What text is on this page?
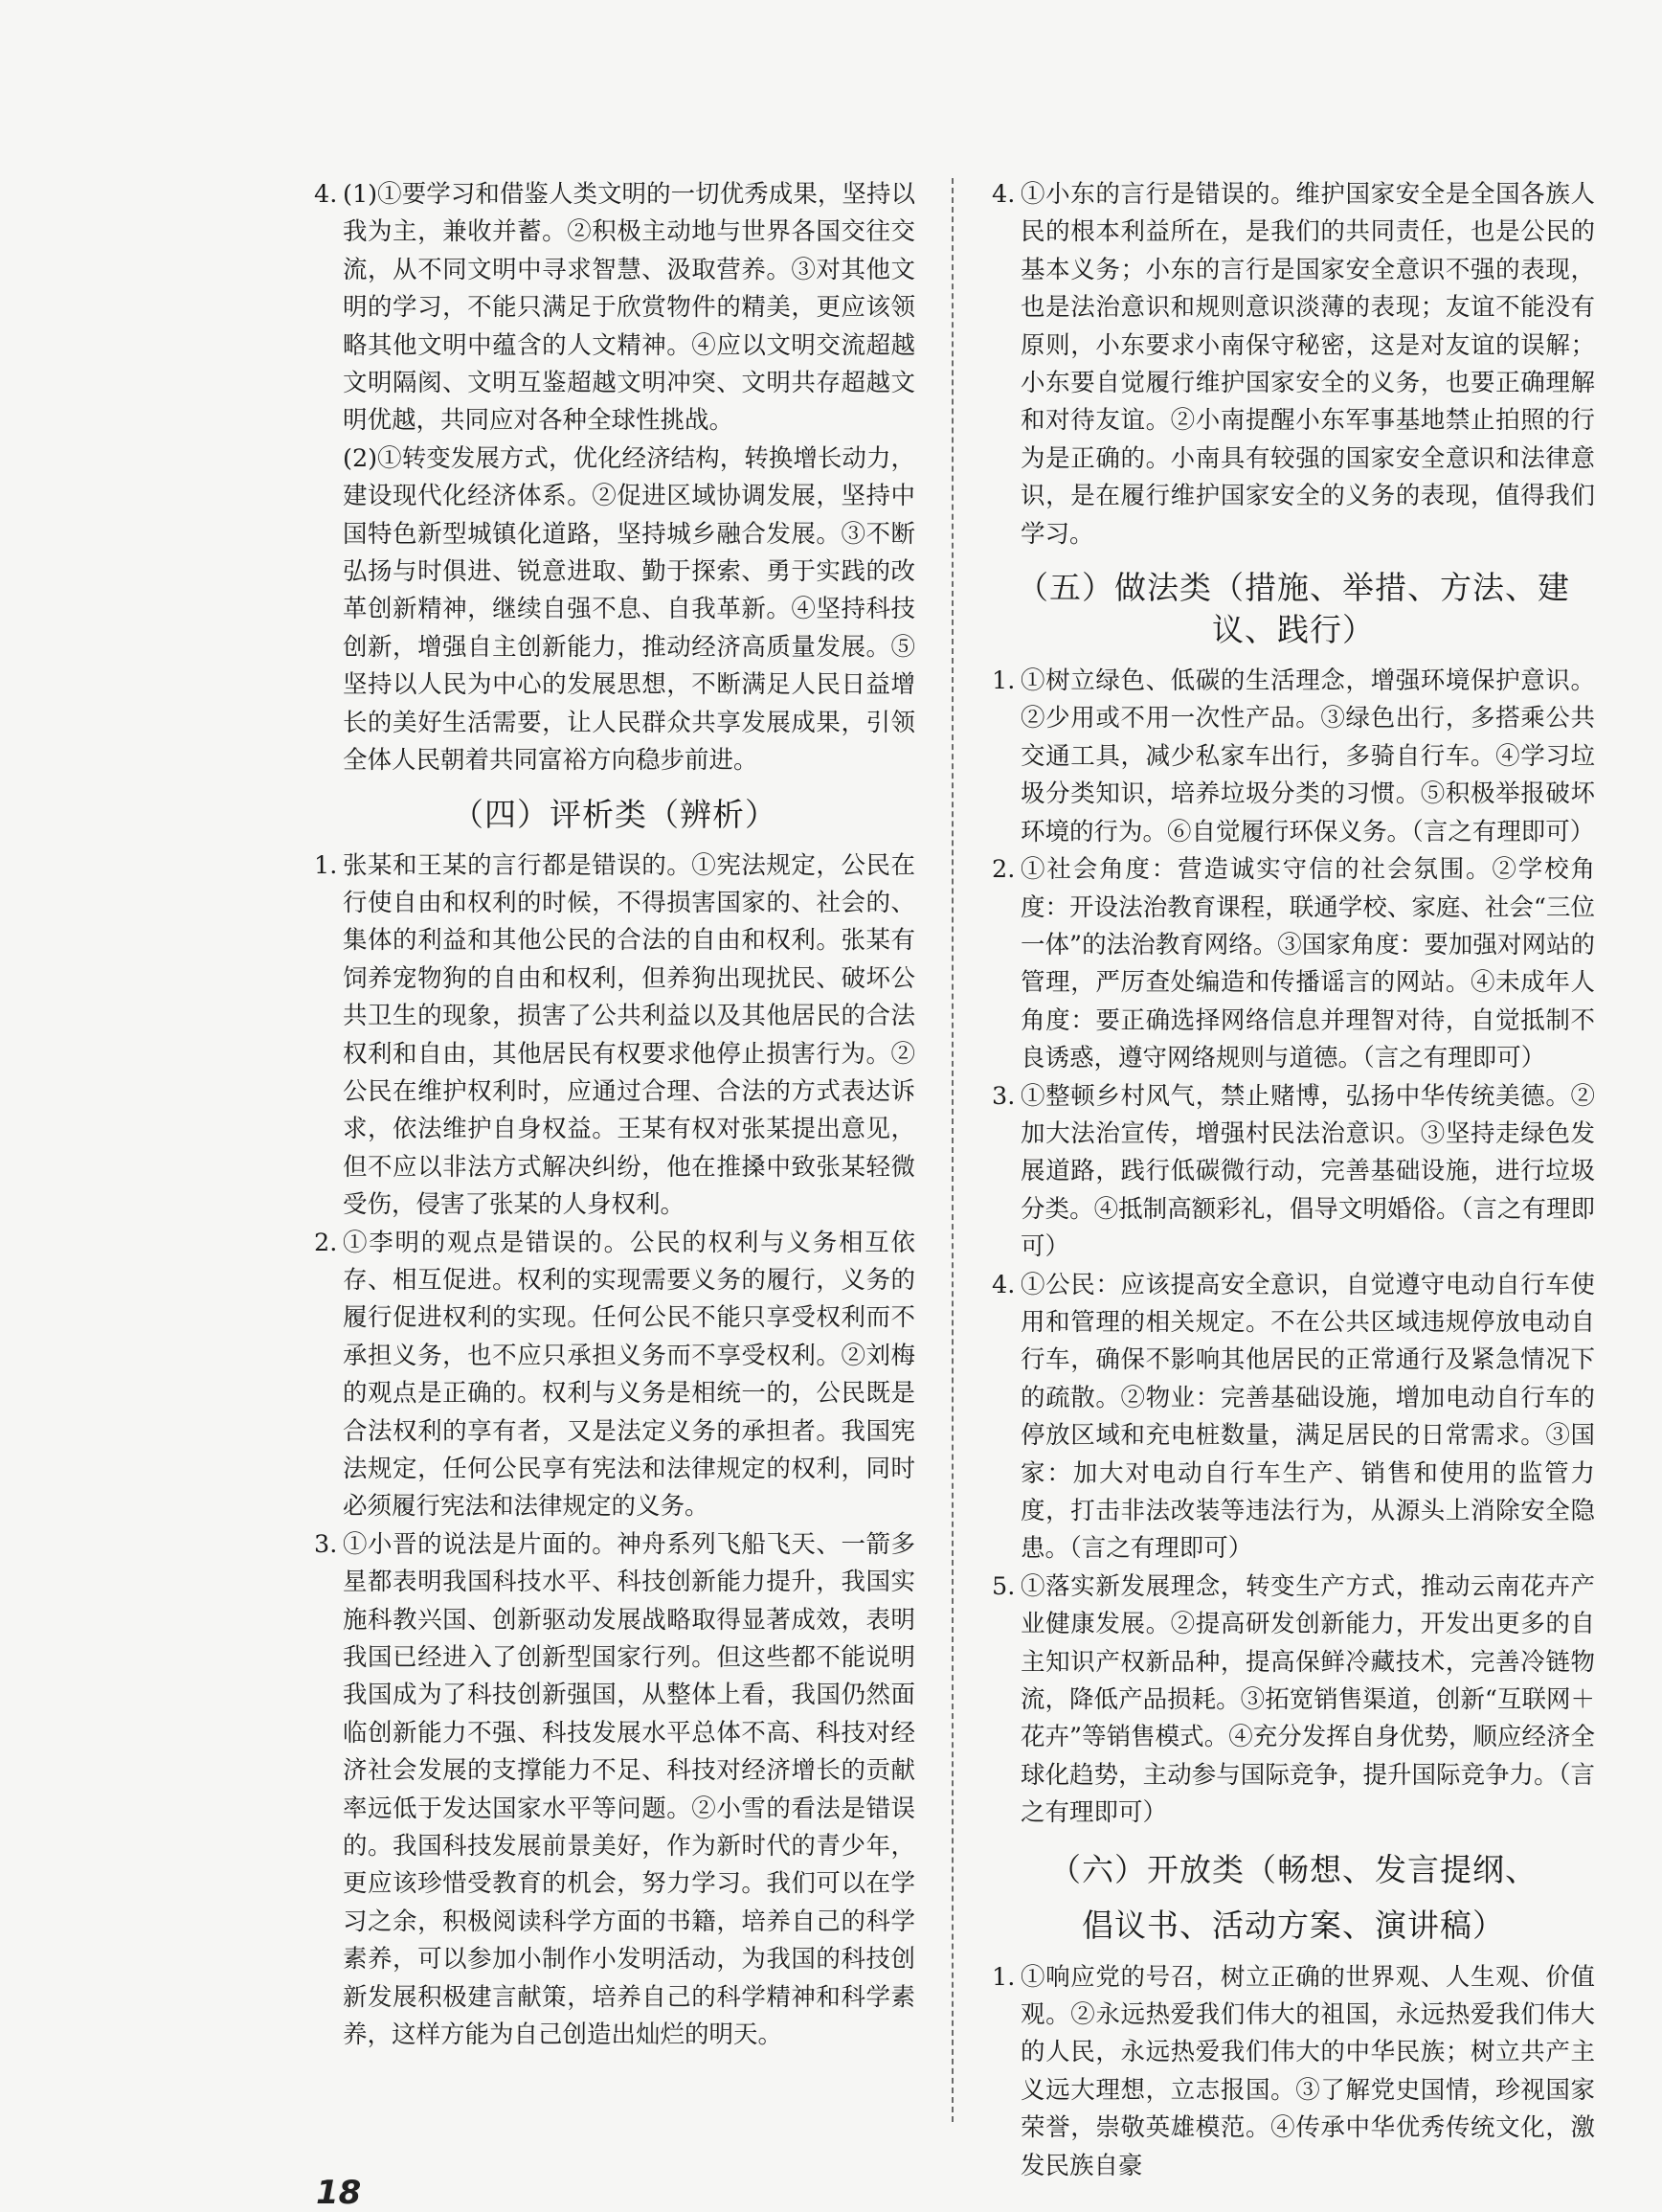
4. (1)①要学习和借鉴人类文明的一切优秀成果，坚持以我为主，兼收并蓄。②积极主动地与世界各国交往交流，从不同文明中寻求智慧、汲取营养。③对其他文明的学习，不能只满足于欣赏物件的精美，更应该领略其他文明中蕴含的人文精神。④应以文明交流超越文明隔阂、文明互鉴超越文明冲突、文明共存超越文明优越，共同应对各种全球性挑战。

(2)①转变发展方式，优化经济结构，转换增长动力，建设现代化经济体系。②促进区域协调发展，坚持中国特色新型城镇化道路，坚持城乡融合发展。③不断弘扬与时俱进、锐意进取、勤于探索、勇于实践的改革创新精神，继续自强不息、自我革新。④坚持科技创新，增强自主创新能力，推动经济高质量发展。⑤坚持以人民为中心的发展思想，不断满足人民日益增长的美好生活需要，让人民群众共享发展成果，引领全体人民朝着共同富裕方向稳步前进。

（四）评析类（辨析）
1. 张某和王某的言行都是错误的。①宪法规定，公民在行使自由和权利的时候，不得损害国家的、社会的、集体的利益和其他公民的合法的自由和权利。张某有饲养宠物狗的自由和权利，但养狗出现扰民、破坏公共卫生的现象，损害了公共利益以及其他居民的合法权利和自由，其他居民有权要求他停止损害行为。②公民在维护权利时，应通过合理、合法的方式表达诉求，依法维护自身权益。王某有权对张某提出意见，但不应以非法方式解决纠纷，他在推搡中致张某轻微受伤，侵害了张某的人身权利。

2. ①李明的观点是错误的。公民的权利与义务相互依存、相互促进。权利的实现需要义务的履行，义务的履行促进权利的实现。任何公民不能只享受权利而不承担义务，也不应只承担义务而不享受权利。②刘梅的观点是正确的。权利与义务是相统一的，公民既是合法权利的享有者，又是法定义务的承担者。我国宪法规定，任何公民享有宪法和法律规定的权利，同时必须履行宪法和法律规定的义务。

3. ①小晋的说法是片面的。神舟系列飞船飞天、一箭多星都表明我国科技水平、科技创新能力提升，我国实施科教兴国、创新驱动发展战略取得显著成效，表明我国已经进入了创新型国家行列。但这些都不能说明我国成为了科技创新强国，从整体上看，我国仍然面临创新能力不强、科技发展水平总体不高、科技对经济社会发展的支撑能力不足、科技对经济增长的贡献率远低于发达国家水平等问题。②小雪的看法是错误的。我国科技发展前景美好，作为新时代的青少年，更应该珍惜受教育的机会，努力学习。我们可以在学习之余，积极阅读科学方面的书籍，培养自己的科学素养，可以参加小制作小发明活动，为我国的科技创新发展积极建言献策，培养自己的科学精神和科学素养，这样方能为自己创造出灿烂的明天。

4. ①小东的言行是错误的。维护国家安全是全国各族人民的根本利益所在，是我们的共同责任，也是公民的基本义务；小东的言行是国家安全意识不强的表现，也是法治意识和规则意识淡薄的表现；友谊不能没有原则，小东要求小南保守秘密，这是对友谊的误解；小东要自觉履行维护国家安全的义务，也要正确理解和对待友谊。②小南提醒小东军事基地禁止拍照的行为是正确的。小南具有较强的国家安全意识和法律意识，是在履行维护国家安全的义务的表现，值得我们学习。

（五）做法类（措施、举措、方法、建议、践行）
1. ①树立绿色、低碳的生活理念，增强环境保护意识。②少用或不用一次性产品。③绿色出行，多搭乘公共交通工具，减少私家车出行，多骑自行车。④学习垃圾分类知识，培养垃圾分类的习惯。⑤积极举报破坏环境的行为。⑥自觉履行环保义务。（言之有理即可）

2. ①社会角度：营造诚实守信的社会氛围。②学校角度：开设法治教育课程，联通学校、家庭、社会“三位一体”的法治教育网络。③国家角度：要加强对网站的管理，严厉查处编造和传播谣言的网站。④未成年人角度：要正确选择网络信息并理智对待，自觉抵制不良诱惑，遵守网络规则与道德。（言之有理即可）

3. ①整顿乡村风气，禁止赌博，弘扬中华传统美德。②加大法治宣传，增强村民法治意识。③坚持走绿色发展道路，践行低碳微行动，完善基础设施，进行垃圾分类。④抵制高额彩礼，倡导文明婚俗。（言之有理即可）

4. ①公民：应该提高安全意识，自觉遵守电动自行车使用和管理的相关规定。不在公共区域违规停放电动自行车，确保不影响其他居民的正常通行及紧急情况下的疏散。②物业：完善基础设施，增加电动自行车的停放区域和充电桩数量，满足居民的日常需求。③国家：加大对电动自行车生产、销售和使用的监管力度，打击非法改装等违法行为，从源头上消除安全隐患。（言之有理即可）

5. ①落实新发展理念，转变生产方式，推动云南花卉产业健康发展。②提高研发创新能力，开发出更多的自主知识产权新品种，提高保鲜冷藏技术，完善冷链物流，降低产品损耗。③拓宽销售渠道，创新“互联网＋花卉”等销售模式。④充分发挥自身优势，顺应经济全球化趋势，主动参与国际竞争，提升国际竞争力。（言之有理即可）

（六）开放类（畅想、发言提纲、
倡议书、活动方案、演讲稿）
1. ①响应党的号召，树立正确的世界观、人生观、价值观。②永远热爱我们伟大的祖国，永远热爱我们伟大的人民，永远热爱我们伟大的中华民族；树立共产主义远大理想，立志报国。③了解党史国情，珍视国家荣誉，崇敬英雄模范。④传承中华优秀传统文化，激发民族自豪

18
